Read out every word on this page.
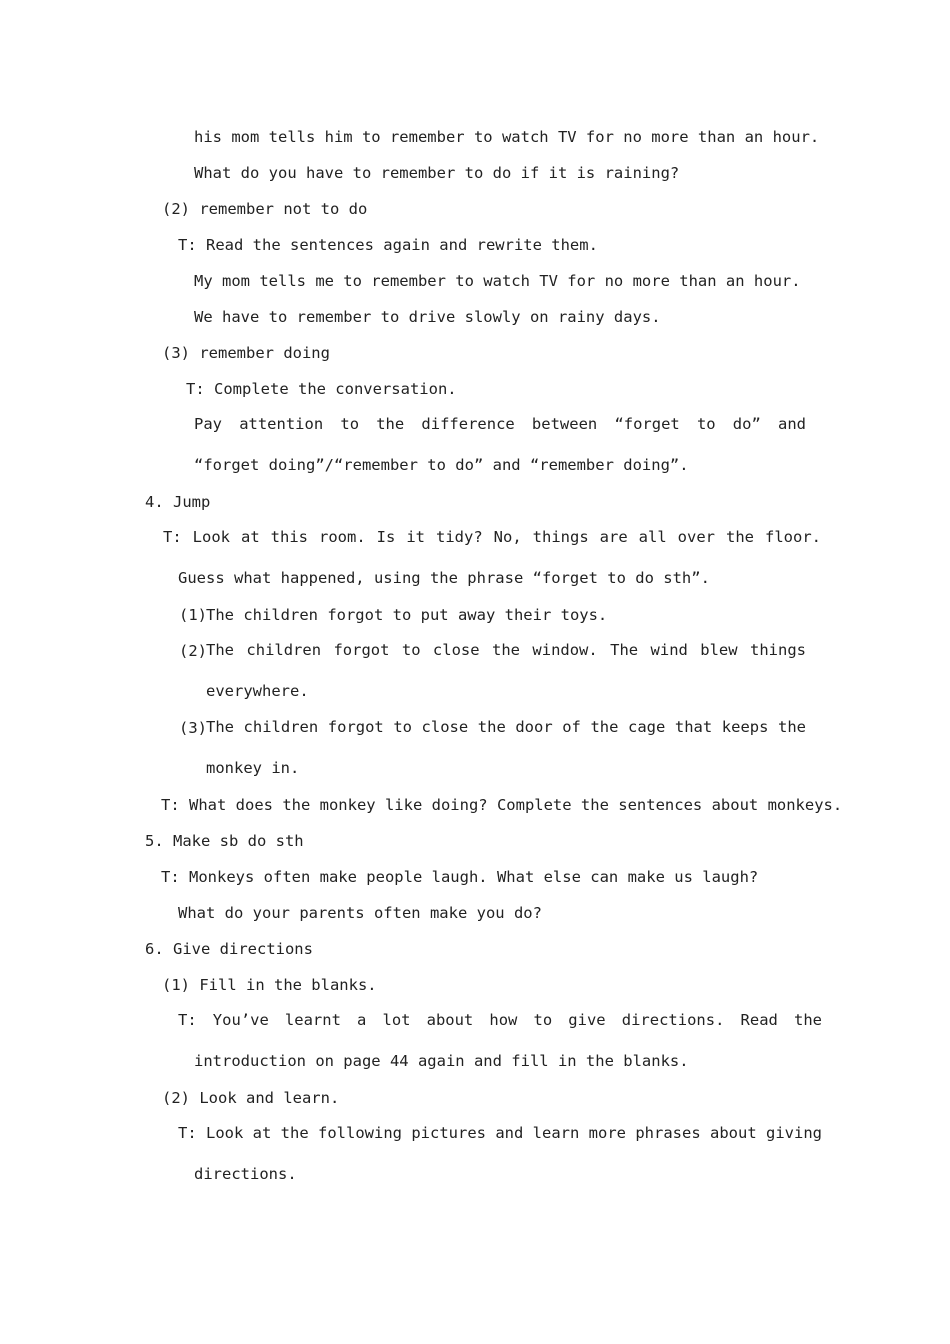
his mom tells him to remember to watch TV for no more than an hour.
What do you have to remember to do if it is raining?
(2) remember not to do
T: Read the sentences again and rewrite them.
My mom tells me to remember to watch TV for no more than an hour.
We have to remember to drive slowly on rainy days.
(3) remember doing
T: Complete the conversation.
Pay attention to the difference between “forget to do” and “forget doing”/“remember to do” and “remember doing”.
4. Jump
T: Look at this room. Is it tidy? No, things are all over the floor. Guess what happened, using the phrase “forget to do sth”.
(1) The children forgot to put away their toys.
(2) The children forgot to close the window. The wind blew things everywhere.
(3) The children forgot to close the door of the cage that keeps the monkey in.
T: What does the monkey like doing? Complete the sentences about monkeys.
5. Make sb do sth
T: Monkeys often make people laugh. What else can make us laugh?
What do your parents often make you do?
6. Give directions
(1) Fill in the blanks.
T: You’ve learnt a lot about how to give directions. Read the introduction on page 44 again and fill in the blanks.
(2) Look and learn.
T: Look at the following pictures and learn more phrases about giving directions.
